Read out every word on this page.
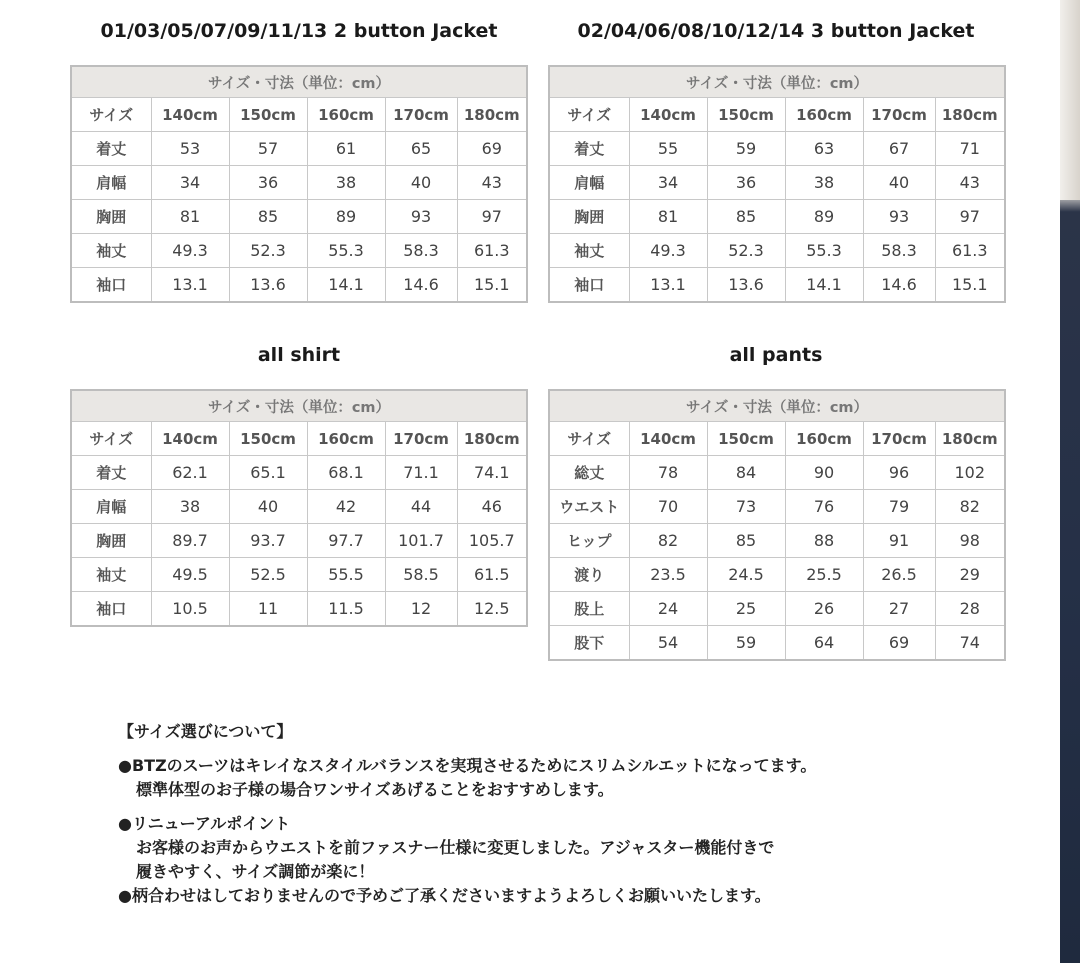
01/03/05/07/09/11/13 2 button Jacket	02/04/06/08/10/12/14 3 button Jacket
all shirt	all pants
サイズ・寸法（単位：cm）					
サイズ	140cm	150cm	160cm	170cm	180cm
着丈	53	57	61	65	69
肩幅	34	36	38	40	43
胸囲	81	85	89	93	97
袖丈	49.3	52.3	55.3	58.3	61.3
袖口	13.1	13.6	14.1	14.6	15.1
サイズ・寸法（単位：cm）					
サイズ	140cm	150cm	160cm	170cm	180cm
着丈	55	59	63	67	71
肩幅	34	36	38	40	43
胸囲	81	85	89	93	97
袖丈	49.3	52.3	55.3	58.3	61.3
袖口	13.1	13.6	14.1	14.6	15.1
サイズ・寸法（単位：cm）					
サイズ	140cm	150cm	160cm	170cm	180cm
着丈	62.1	65.1	68.1	71.1	74.1
肩幅	38	40	42	44	46
胸囲	89.7	93.7	97.7	101.7	105.7
袖丈	49.5	52.5	55.5	58.5	61.5
袖口	10.5	11	11.5	12	12.5
サイズ・寸法（単位：cm）					
サイズ	140cm	150cm	160cm	170cm	180cm
総丈	78	84	90	96	102
ウエスト	70	73	76	79	82
ヒップ	82	85	88	91	98
渡り	23.5	24.5	25.5	26.5	29
股上	24	25	26	27	28
股下	54	59	64	69	74

【サイズ選びについて】

●BTZのスーツはキレイなスタイルバランスを実現させるためにスリムシルエットになってます。

標準体型のお子様の場合ワンサイズあげることをおすすめします。

●リニューアルポイント

お客様のお声からウエストを前ファスナー仕様に変更しました。アジャスター機能付きで

履きやすく、サイズ調節が楽に！

●柄合わせはしておりませんので予めご了承くださいますようよろしくお願いいたします。
